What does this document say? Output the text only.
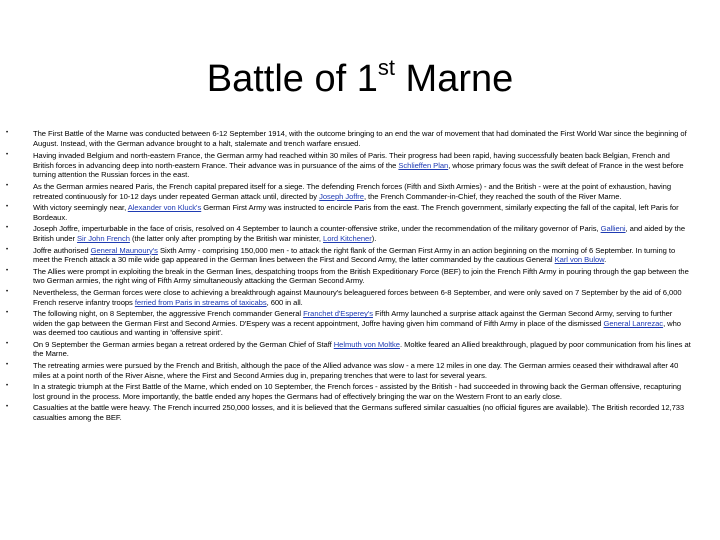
Battle of 1st Marne
•	The First Battle of the Marne was conducted between 6-12 September 1914, with the outcome bringing to an end the war of movement that had dominated the First World War since the beginning of August. Instead, with the German advance brought to a halt, stalemate and trench warfare ensued.
•	Having invaded Belgium and north-eastern France, the German army had reached within 30 miles of Paris. Their progress had been rapid, having successfully beaten back Belgian, French and British forces in advancing deep into north-eastern France. Their advance was in pursuance of the aims of the Schlieffen Plan, whose primary focus was the swift defeat of France in the west before turning attention the Russian forces in the east.
•	As the German armies neared Paris, the French capital prepared itself for a siege. The defending French forces (Fifth and Sixth Armies) - and the British - were at the point of exhaustion, having retreated continuously for 10-12 days under repeated German attack until, directed by Joseph Joffre, the French Commander-in-Chief, they reached the south of the River Marne.
•	With victory seemingly near, Alexander von Kluck's German First Army was instructed to encircle Paris from the east. The French government, similarly expecting the fall of the capital, left Paris for Bordeaux.
•	Joseph Joffre, imperturbable in the face of crisis, resolved on 4 September to launch a counter-offensive strike, under the recommendation of the military governor of Paris, Gallieni, and aided by the British under Sir John French (the latter only after prompting by the British war minister, Lord Kitchener).
•	Joffre authorised General Maunoury's Sixth Army - comprising 150,000 men - to attack the right flank of the German First Army in an action beginning on the morning of 6 September. In turning to meet the French attack a 30 mile wide gap appeared in the German lines between the First and Second Army, the latter commanded by the cautious General Karl von Bulow.
•	The Allies were prompt in exploiting the break in the German lines, despatching troops from the British Expeditionary Force (BEF) to join the French Fifth Army in pouring through the gap between the two German armies, the right wing of Fifth Army simultaneously attacking the German Second Army.
•	Nevertheless, the German forces were close to achieving a breakthrough against Maunoury's beleaguered forces between 6-8 September, and were only saved on 7 September by the aid of 6,000 French reserve infantry troops ferried from Paris in streams of taxicabs, 600 in all.
•	The following night, on 8 September, the aggressive French commander General Franchet d'Esperey's Fifth Army launched a surprise attack against the German Second Army, serving to further widen the gap between the German First and Second Armies. D'Espery was a recent appointment, Joffre having given him command of Fifth Army in place of the dismissed General Lanrezac, who was deemed too cautious and wanting in 'offensive spirit'.
•	On 9 September the German armies began a retreat ordered by the German Chief of Staff Helmuth von Moltke. Moltke feared an Allied breakthrough, plagued by poor communication from his lines at the Marne.
•	The retreating armies were pursued by the French and British, although the pace of the Allied advance was slow - a mere 12 miles in one day. The German armies ceased their withdrawal after 40 miles at a point north of the River Aisne, where the First and Second Armies dug in, preparing trenches that were to last for several years.
•	In a strategic triumph at the First Battle of the Marne, which ended on 10 September, the French forces - assisted by the British - had succeeded in throwing back the German offensive, recapturing lost ground in the process. More importantly, the battle ended any hopes the Germans had of effectively bringing the war on the Western Front to an early close.
•	Casualties at the battle were heavy. The French incurred 250,000 losses, and it is believed that the Germans suffered similar casualties (no official figures are available). The British recorded 12,733 casualties among the BEF.
